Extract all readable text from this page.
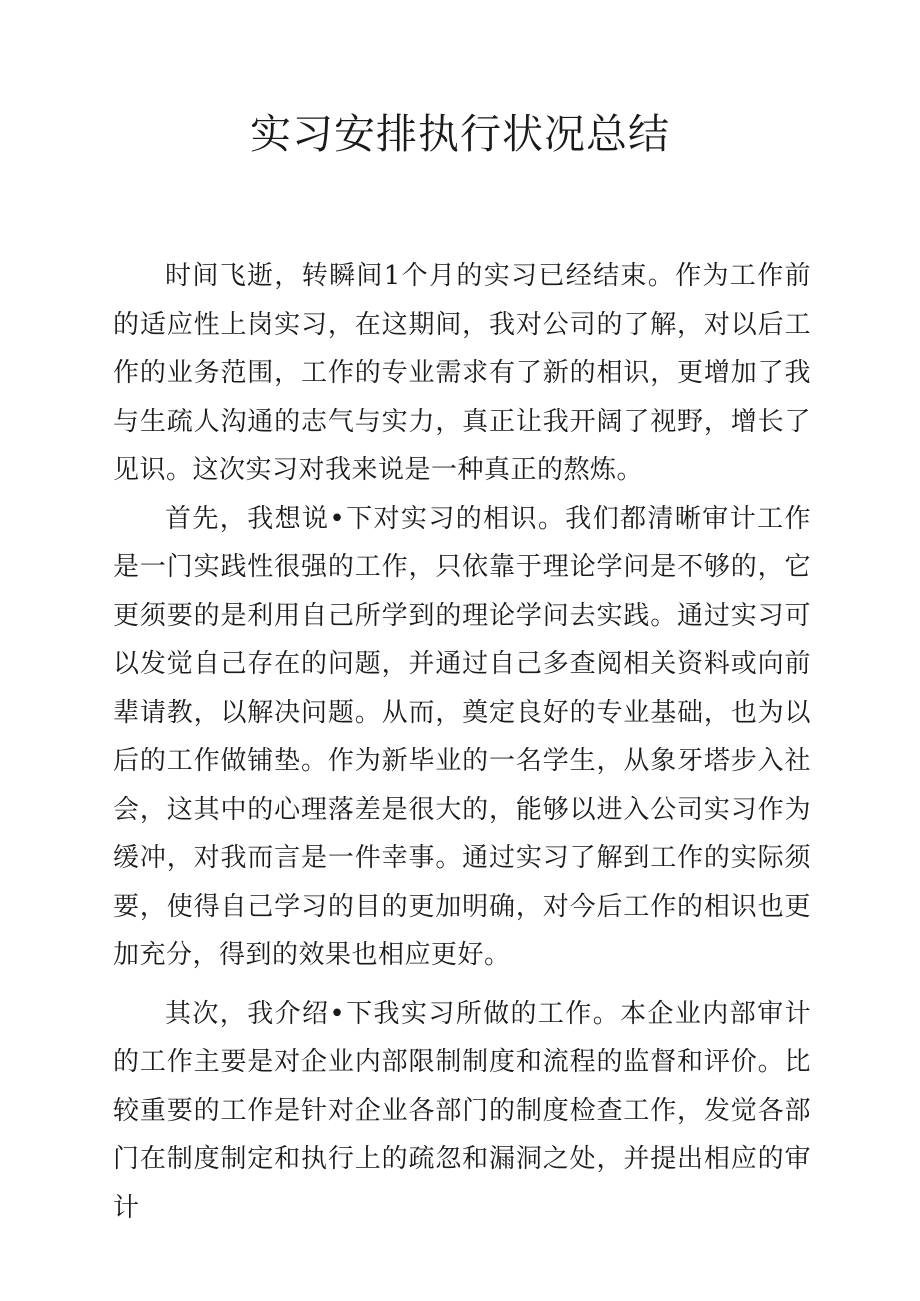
实习安排执行状况总结

时间飞逝，转瞬间1个月的实习已经结束。作为工作前的适应性上岗实习，在这期间，我对公司的了解，对以后工作的业务范围，工作的专业需求有了新的相识，更增加了我与生疏人沟通的志气与实力，真正让我开阔了视野，增长了见识。这次实习对我来说是一种真正的熬炼。

首先，我想说•下对实习的相识。我们都清晰审计工作是一门实践性很强的工作，只依靠于理论学问是不够的，它更须要的是利用自己所学到的理论学问去实践。通过实习可以发觉自己存在的问题，并通过自己多查阅相关资料或向前辈请教，以解决问题。从而，奠定良好的专业基础，也为以后的工作做铺垫。作为新毕业的一名学生，从象牙塔步入社会，这其中的心理落差是很大的，能够以进入公司实习作为缓冲，对我而言是一件幸事。通过实习了解到工作的实际须要，使得自己学习的目的更加明确，对今后工作的相识也更加充分，得到的效果也相应更好。

其次，我介绍•下我实习所做的工作。本企业内部审计的工作主要是对企业内部限制制度和流程的监督和评价。比较重要的工作是针对企业各部门的制度检查工作，发觉各部门在制度制定和执行上的疏忽和漏洞之处，并提出相应的审计
